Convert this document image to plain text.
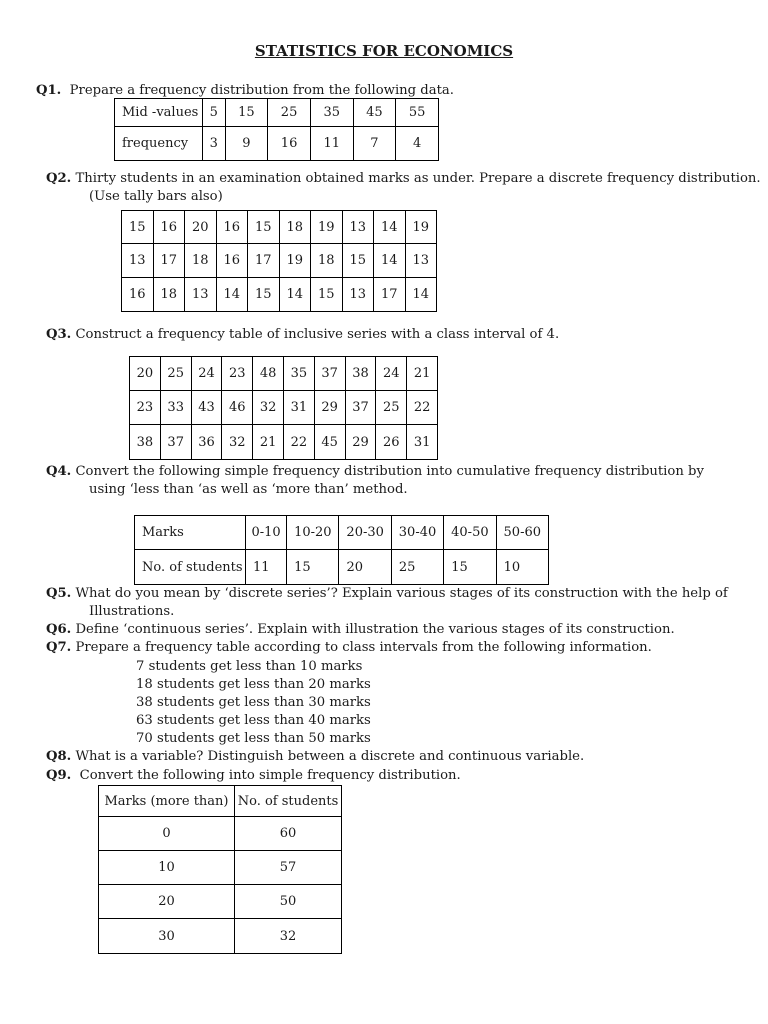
STATISTICS FOR ECONOMICS
Q1. Prepare a frequency distribution from the following data.
Mid -values	5	15	25	35	45	55
frequency	3	9	16	11	7	4
Q2. Thirty students in an examination obtained marks as under. Prepare a discrete frequency distribution.
(Use tally bars also)
15	16	20	16	15	18	19	13	14	19
13	17	18	16	17	19	18	15	14	13
16	18	13	14	15	14	15	13	17	14
Q3. Construct a frequency table of inclusive series with a class interval of 4.
20	25	24	23	48	35	37	38	24	21
23	33	43	46	32	31	29	37	25	22
38	37	36	32	21	22	45	29	26	31
Q4. Convert the following simple frequency distribution into cumulative frequency distribution by
using ‘less than ‘as well as ‘more than’ method.
Marks	0-10	10-20	20-30	30-40	40-50	50-60
No. of students	11	15	20	25	15	10
Q5. What do you mean by ‘discrete series’? Explain various stages of its construction with the help of
Illustrations.
Q6. Define ‘continuous series’. Explain with illustration the various stages of its construction.
Q7. Prepare a frequency table according to class intervals from the following information.
7 students get less than 10 marks
18 students get less than 20 marks
38 students get less than 30 marks
63 students get less than 40 marks
70 students get less than 50 marks
Q8. What is a variable? Distinguish between a discrete and continuous variable.
Q9. Convert the following into simple frequency distribution.
Marks (more than)	No. of students
0	60
10	57
20	50
30	32
